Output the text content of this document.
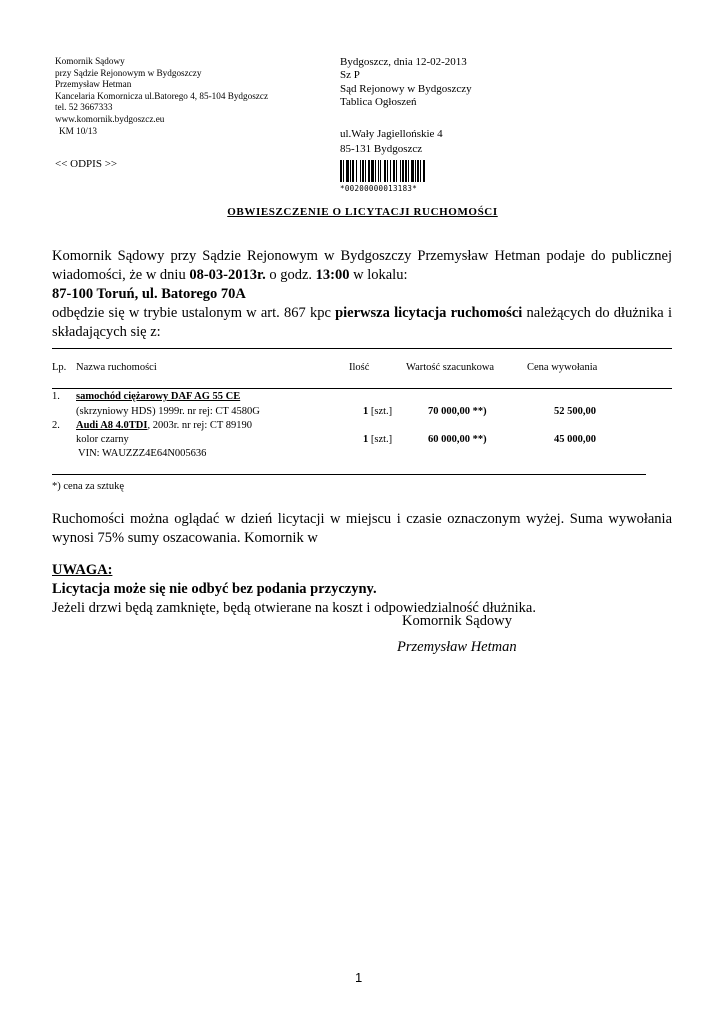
Komornik Sądowy
przy Sądzie Rejonowym w Bydgoszczy
Przemysław Hetman
Kancelaria Komornicza ul.Batorego 4, 85-104 Bydgoszcz
tel. 52 3667333
www.komornik.bydgoszcz.eu
KM 10/13
<< ODPIS >>
Bydgoszcz, dnia 12-02-2013
Sz P
Sąd Rejonowy w Bydgoszczy
Tablica Ogłoszeń
ul.Wały Jagiellońskie 4
85-131 Bydgoszcz
*00200000013183*
OBWIESZCZENIE O LICYTACJI RUCHOMOŚCI

Komornik Sądowy przy Sądzie Rejonowym w Bydgoszczy Przemysław Hetman podaje do publicznej

wiadomości, że w dniu 08-03-2013r. o godz. 13:00 w lokalu:

87-100 Toruń, ul. Batorego 70A

odbędzie się w trybie ustalonym w art. 867 kpc pierwsza licytacja ruchomości należących do dłużnika i

składających się z:

Lp. Nazwa ruchomości	Ilość	Wartość szacunkowa	Cena wywołania
1. samochód ciężarowy DAF AG 55 CE
(skrzyniowy HDS) 1999r. nr rej: CT 4580G	1 [szt.]	70 000,00 **)	52 500,00
2. Audi A8 4.0TDI, 2003r. nr rej: CT 89190
kolor czarny
VIN: WAUZZZ4E64N005636
1 [szt.]	60 000,00 **)	45 000,00
*) cena za sztukę

Ruchomości można oglądać w dzień licytacji w miejscu i czasie oznaczonym wyżej. Suma wywołania

wynosi 75% sumy oszacowania. Komornik w

UWAGA:
Licytacja może się nie odbyć bez podania przyczyny.
Jeżeli drzwi będą zamknięte, będą otwierane na koszt i odpowiedzialność dłużnika.
Komornik Sądowy
Przemysław Hetman
1
